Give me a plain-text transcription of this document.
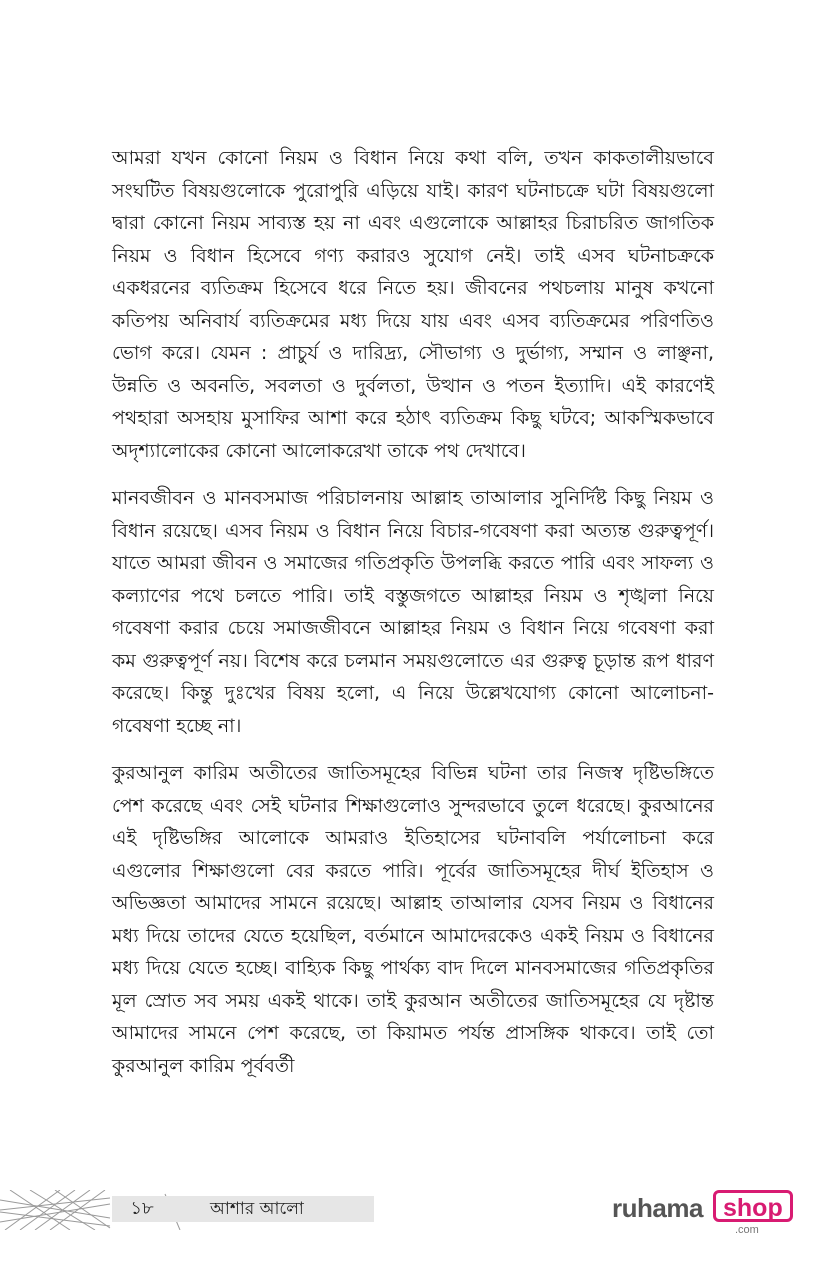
আমরা যখন কোনো নিয়ম ও বিধান নিয়ে কথা বলি, তখন কাকতালীয়ভাবে সংঘটিত বিষয়গুলোকে পুরোপুরি এড়িয়ে যাই। কারণ ঘটনাচক্রে ঘটা বিষয়গুলো দ্বারা কোনো নিয়ম সাব্যস্ত হয় না এবং এগুলোকে আল্লাহর চিরাচরিত জাগতিক নিয়ম ও বিধান হিসেবে গণ্য করারও সুযোগ নেই। তাই এসব ঘটনাচক্রকে একধরনের ব্যতিক্রম হিসেবে ধরে নিতে হয়। জীবনের পথচলায় মানুষ কখনো কতিপয় অনিবার্য ব্যতিক্রমের মধ্য দিয়ে যায় এবং এসব ব্যতিক্রমের পরিণতিও ভোগ করে। যেমন : প্রাচুর্য ও দারিদ্র্য, সৌভাগ্য ও দুর্ভাগ্য, সম্মান ও লাঞ্ছনা, উন্নতি ও অবনতি, সবলতা ও দুর্বলতা, উত্থান ও পতন ইত্যাদি। এই কারণেই পথহারা অসহায় মুসাফির আশা করে হঠাৎ ব্যতিক্রম কিছু ঘটবে; আকস্মিকভাবে অদৃশ্যালোকের কোনো আলোকরেখা তাকে পথ দেখাবে।

মানবজীবন ও মানবসমাজ পরিচালনায় আল্লাহ তাআলার সুনির্দিষ্ট কিছু নিয়ম ও বিধান রয়েছে। এসব নিয়ম ও বিধান নিয়ে বিচার-গবেষণা করা অত্যন্ত গুরুত্বপূর্ণ। যাতে আমরা জীবন ও সমাজের গতিপ্রকৃতি উপলব্ধি করতে পারি এবং সাফল্য ও কল্যাণের পথে চলতে পারি। তাই বস্তুজগতে আল্লাহর নিয়ম ও শৃঙ্খলা নিয়ে গবেষণা করার চেয়ে সমাজজীবনে আল্লাহর নিয়ম ও বিধান নিয়ে গবেষণা করা কম গুরুত্বপূর্ণ নয়। বিশেষ করে চলমান সময়গুলোতে এর গুরুত্ব চূড়ান্ত রূপ ধারণ করেছে। কিন্তু দুঃখের বিষয় হলো, এ নিয়ে উল্লেখযোগ্য কোনো আলোচনা-গবেষণা হচ্ছে না।

কুরআনুল কারিম অতীতের জাতিসমূহের বিভিন্ন ঘটনা তার নিজস্ব দৃষ্টিভঙ্গিতে পেশ করেছে এবং সেই ঘটনার শিক্ষাগুলোও সুন্দরভাবে তুলে ধরেছে। কুরআনের এই দৃষ্টিভঙ্গির আলোকে আমরাও ইতিহাসের ঘটনাবলি পর্যালোচনা করে এগুলোর শিক্ষাগুলো বের করতে পারি। পূর্বের জাতিসমূহের দীর্ঘ ইতিহাস ও অভিজ্ঞতা আমাদের সামনে রয়েছে। আল্লাহ তাআলার যেসব নিয়ম ও বিধানের মধ্য দিয়ে তাদের যেতে হয়েছিল, বর্তমানে আমাদেরকেও একই নিয়ম ও বিধানের মধ্য দিয়ে যেতে হচ্ছে। বাহ্যিক কিছু পার্থক্য বাদ দিলে মানবসমাজের গতিপ্রকৃতির মূল স্রোত সব সময় একই থাকে। তাই কুরআন অতীতের জাতিসমূহের যে দৃষ্টান্ত আমাদের সামনে পেশ করেছে, তা কিয়ামত পর্যন্ত প্রাসঙ্গিক থাকবে। তাই তো কুরআনুল কারিম পূর্ববর্তী

১৮	আশার আলো	ruhama shop
.com
